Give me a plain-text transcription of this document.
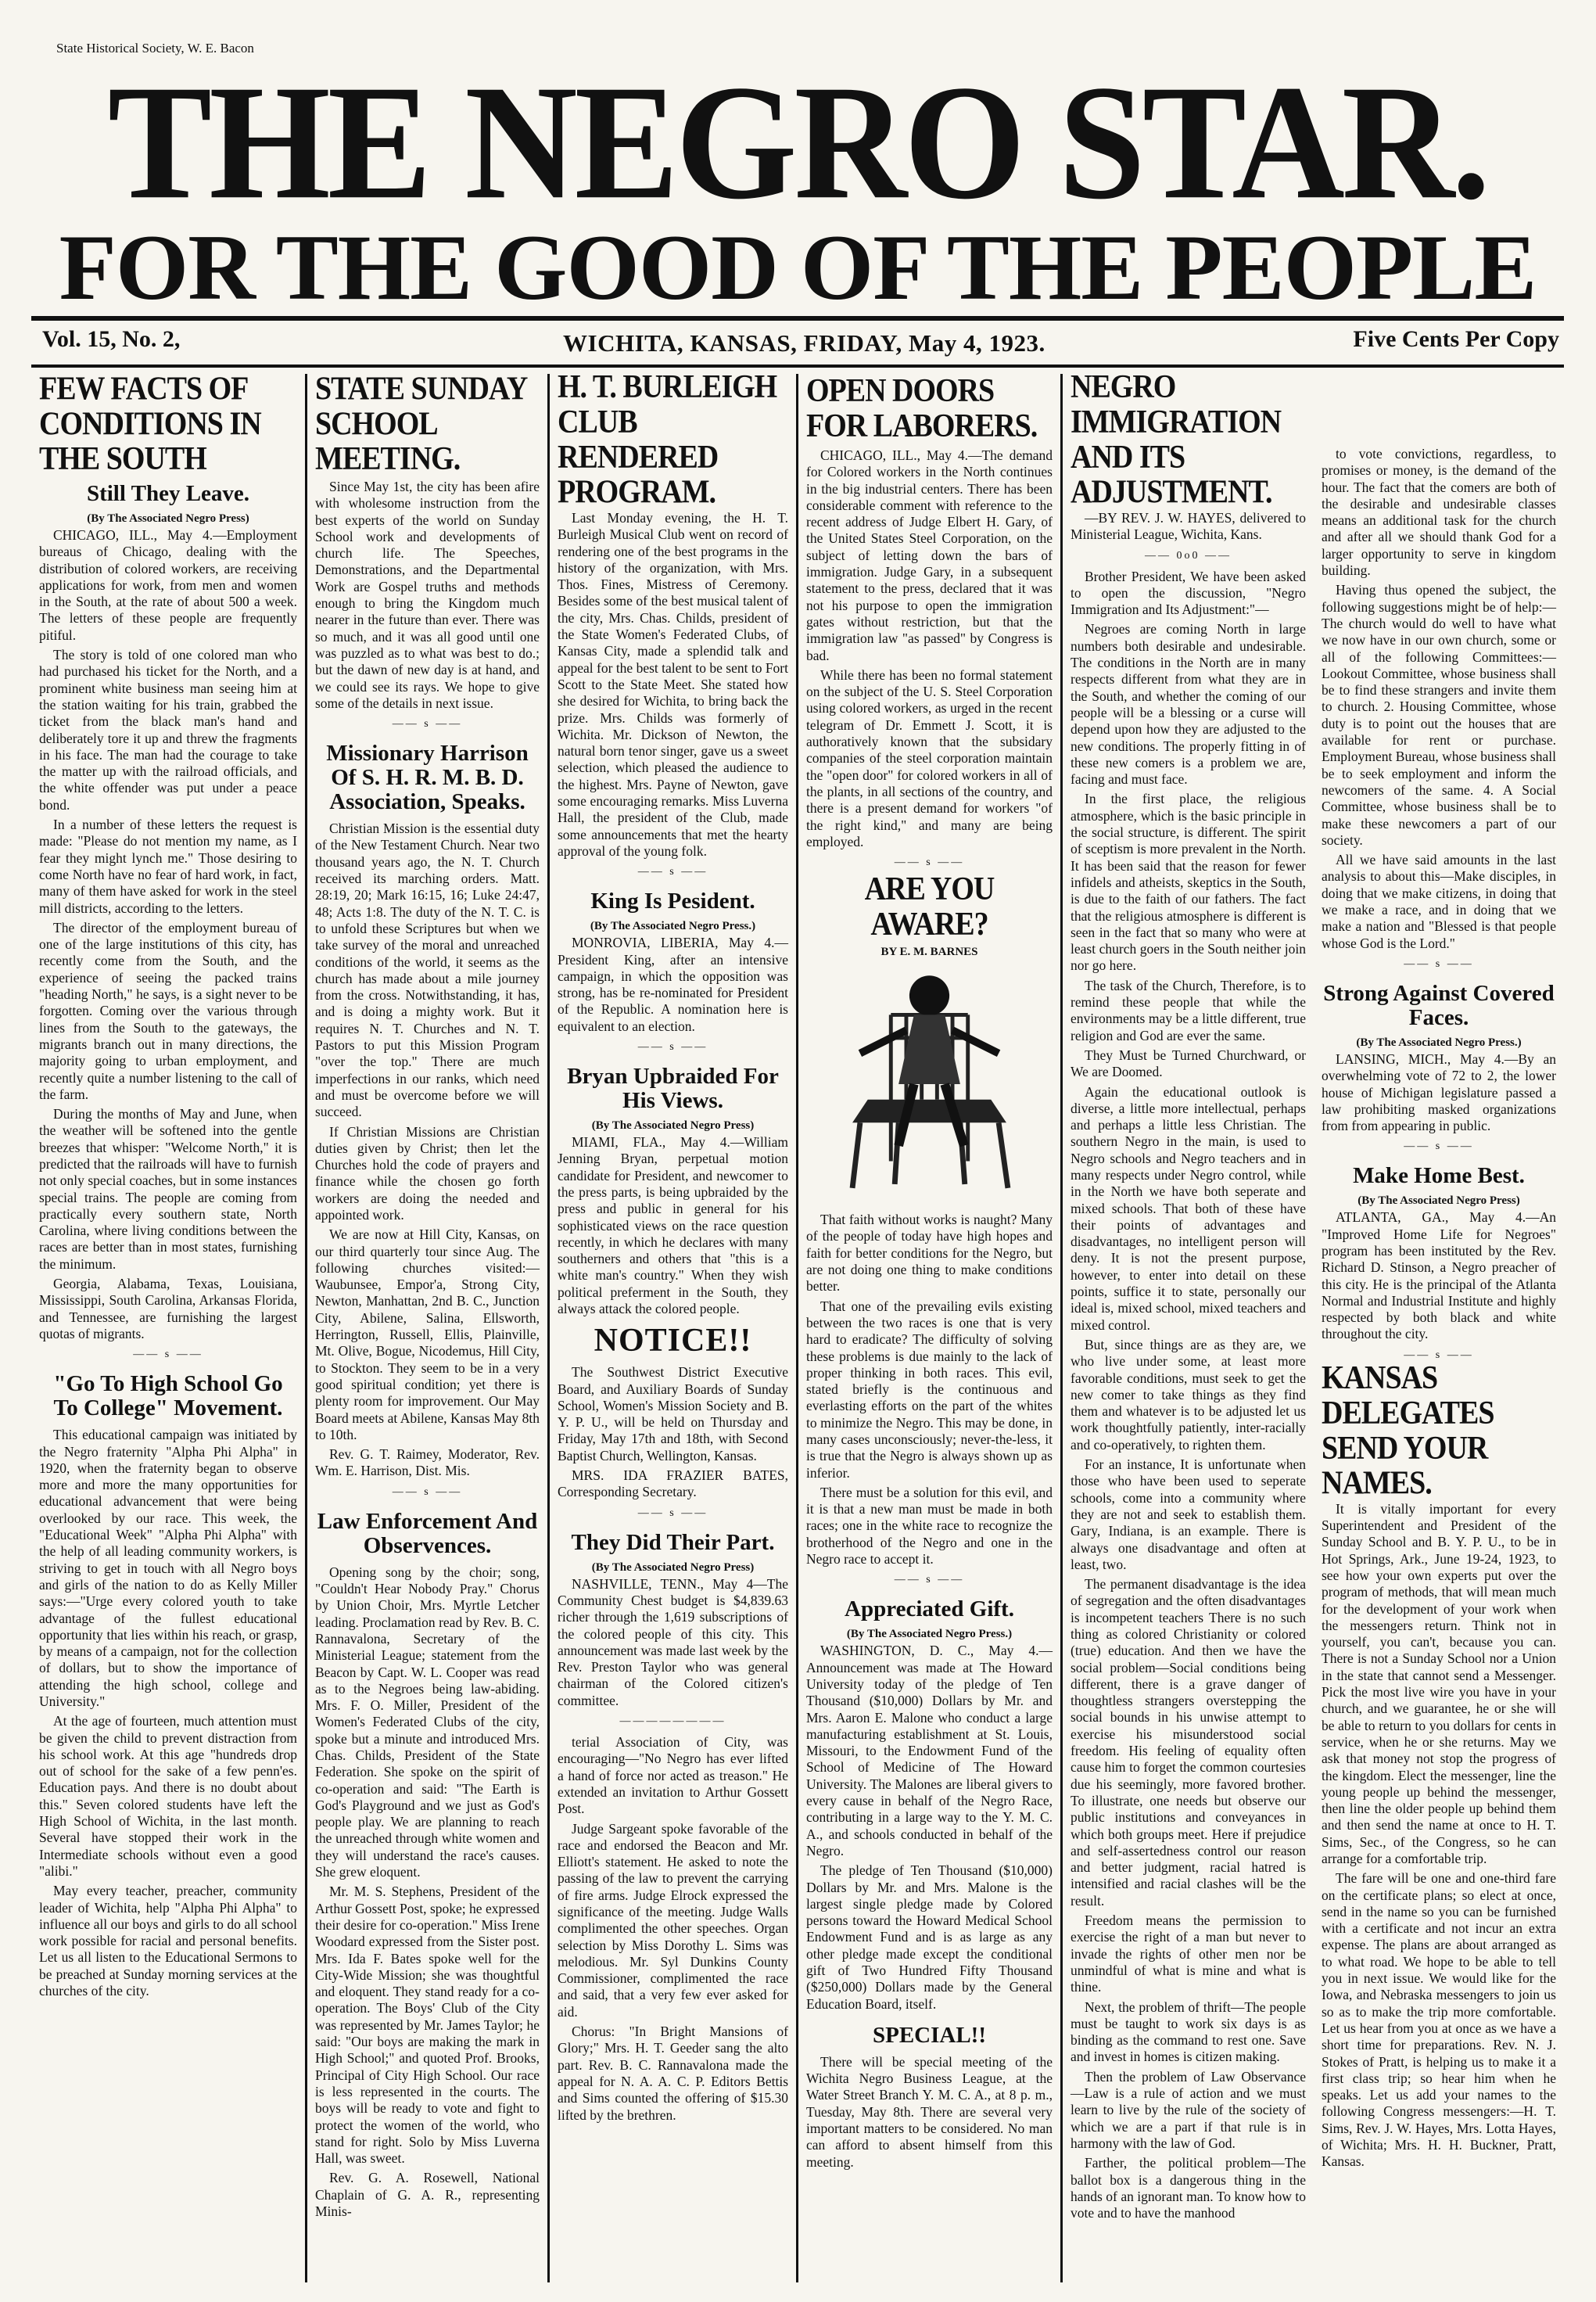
State Historical Society, W. E. Bacon
THE NEGRO STAR.
FOR THE GOOD OF THE PEOPLE
Vol. 15, No. 2,	WICHITA, KANSAS, FRIDAY, May 4, 1923.	Five Cents Per Copy
FEW FACTS OF CONDITIONS IN THE SOUTH
Still They Leave.
(By The Associated Negro Press)

CHICAGO, ILL., May 4.—Employment bureaus of Chicago, dealing with the distribution of colored workers, are receiving applications for work, from men and women in the South, at the rate of about 500 a week. The letters of these people are frequently pitiful.

The story is told of one colored man who had purchased his ticket for the North, and a prominent white business man seeing him at the station waiting for his train, grabbed the ticket from the black man's hand and deliberately tore it up and threw the fragments in his face. The man had the courage to take the matter up with the railroad officials, and the white offender was put under a peace bond.

In a number of these letters the request is made: "Please do not mention my name, as I fear they might lynch me." Those desiring to come North have no fear of hard work, in fact, many of them have asked for work in the steel mill districts, according to the letters.

The director of the employment bureau of one of the large institutions of this city, has recently come from the South, and the experience of seeing the packed trains "heading North," he says, is a sight never to be forgotten. Coming over the various through lines from the South to the gateways, the migrants branch out in many directions, the majority going to urban employment, and recently quite a number listening to the call of the farm.

During the months of May and June, when the weather will be softened into the gentle breezes that whisper: "Welcome North," it is predicted that the railroads will have to furnish not only special coaches, but in some instances special trains. The people are coming from practically every southern state, North Carolina, where living conditions between the races are better than in most states, furnishing the minimum.

Georgia, Alabama, Texas, Louisiana, Mississippi, South Carolina, Arkansas Florida, and Tennessee, are furnishing the largest quotas of migrants.

—— s ——
"Go To High School Go To College" Movement.

This educational campaign was initiated by the Negro fraternity "Alpha Phi Alpha" in 1920, when the fraternity began to observe more and more the many opportunities for educational advancement that were being overlooked by our race. This week, the "Educational Week" "Alpha Phi Alpha" with the help of all leading community workers, is striving to get in touch with all Negro boys and girls of the nation to do as Kelly Miller says:—"Urge every colored youth to take advantage of the fullest educational opportunity that lies within his reach, or grasp, by means of a campaign, not for the collection of dollars, but to show the importance of attending the high school, college and University."

At the age of fourteen, much attention must be given the child to prevent distraction from his school work. At this age "hundreds drop out of school for the sake of a few penn'es. Education pays. And there is no doubt about this." Seven colored students have left the High School of Wichita, in the last month. Several have stopped their work in the Intermediate schools without even a good "alibi."

May every teacher, preacher, community leader of Wichita, help "Alpha Phi Alpha" to influence all our boys and girls to do all school work possible for racial and personal benefits. Let us all listen to the Educational Sermons to be preached at Sunday morning services at the churches of the city.

STATE SUNDAY SCHOOL MEETING.

Since May 1st, the city has been afire with wholesome instruction from the best experts of the world on Sunday School work and developments of church life. The Speeches, Demonstrations, and the Departmental Work are Gospel truths and methods enough to bring the Kingdom much nearer in the future than ever. There was so much, and it was all good until one was puzzled as to what was best to do.; but the dawn of new day is at hand, and we could see its rays. We hope to give some of the details in next issue.

—— s ——
Missionary Harrison Of S. H. R. M. B. D. Association, Speaks.

Christian Mission is the essential duty of the New Testament Church. Near two thousand years ago, the N. T. Church received its marching orders. Matt. 28:19, 20; Mark 16:15, 16; Luke 24:47, 48; Acts 1:8. The duty of the N. T. C. is to unfold these Scriptures but when we take survey of the moral and unreached conditions of the world, it seems as the church has made about a mile journey from the cross. Notwithstanding, it has, and is doing a mighty work. But it requires N. T. Churches and N. T. Pastors to put this Mission Program "over the top." There are much imperfections in our ranks, which need and must be overcome before we will succeed.

If Christian Missions are Christian duties given by Christ; then let the Churches hold the code of prayers and finance while the chosen go forth workers are doing the needed and appointed work.

We are now at Hill City, Kansas, on our third quarterly tour since Aug. The following churches visited:—Waubunsee, Empor'a, Strong City, Newton, Manhattan, 2nd B. C., Junction City, Abilene, Salina, Ellsworth, Herrington, Russell, Ellis, Plainville, Mt. Olive, Bogue, Nicodemus, Hill City, to Stockton. They seem to be in a very good spiritual condition; yet there is plenty room for improvement. Our May Board meets at Abilene, Kansas May 8th to 10th.

Rev. G. T. Raimey, Moderator, Rev. Wm. E. Harrison, Dist. Mis.

—— s ——
Law Enforcement And Observences.

Opening song by the choir; song, "Couldn't Hear Nobody Pray." Chorus by Union Choir, Mrs. Myrtle Letcher leading. Proclamation read by Rev. B. C. Rannavalona, Secretary of the Ministerial League; statement from the Beacon by Capt. W. L. Cooper was read as to the Negroes being law-abiding. Mrs. F. O. Miller, President of the Women's Federated Clubs of the city, spoke but a minute and introduced Mrs. Chas. Childs, President of the State Federation. She spoke on the spirit of co-operation and said: "The Earth is God's Playground and we just as God's people play. We are planning to reach the unreached through white women and they will understand the race's causes. She grew eloquent.

Mr. M. S. Stephens, President of the Arthur Gossett Post, spoke; he expressed their desire for co-operation." Miss Irene Woodard expressed from the Sister post. Mrs. Ida F. Bates spoke well for the City-Wide Mission; she was thoughtful and eloquent. They stand ready for a co-operation. The Boys' Club of the City was represented by Mr. James Taylor; he said: "Our boys are making the mark in High School;" and quoted Prof. Brooks, Principal of City High School. Our race is less represented in the courts. The boys will be ready to vote and fight to protect the women of the world, who stand for right. Solo by Miss Luverna Hall, was sweet.

Rev. G. A. Rosewell, National Chaplain of G. A. R., representing Minis-

H. T. BURLEIGH CLUB RENDERED PROGRAM.

Last Monday evening, the H. T. Burleigh Musical Club went on record of rendering one of the best programs in the history of the organization, with Mrs. Thos. Fines, Mistress of Ceremony. Besides some of the best musical talent of the city, Mrs. Chas. Childs, president of the State Women's Federated Clubs, of Kansas City, made a splendid talk and appeal for the best talent to be sent to Fort Scott to the State Meet. She stated how she desired for Wichita, to bring back the prize. Mrs. Childs was formerly of Wichita. Mr. Dickson of Newton, the natural born tenor singer, gave us a sweet selection, which pleased the audience to the highest. Mrs. Payne of Newton, gave some encouraging remarks. Miss Luverna Hall, the president of the Club, made some announcements that met the hearty approval of the young folk.

—— s ——
King Is Pesident.
(By The Associated Negro Press.)

MONROVIA, LIBERIA, May 4.—President King, after an intensive campaign, in which the opposition was strong, has be re-nominated for President of the Republic. A nomination here is equivalent to an election.

—— s ——
Bryan Upbraided For His Views.
(By The Associated Negro Press)

MIAMI, FLA., May 4.—William Jenning Bryan, perpetual motion candidate for President, and newcomer to the press parts, is being upbraided by the press and public in general for his sophisticated views on the race question recently, in which he declares with many southerners and others that "this is a white man's country." When they wish political preferment in the South, they always attack the colored people.

NOTICE!!

The Southwest District Executive Board, and Auxiliary Boards of Sunday School, Women's Mission Society and B. Y. P. U., will be held on Thursday and Friday, May 17th and 18th, with Second Baptist Church, Wellington, Kansas.

MRS. IDA FRAZIER BATES, Corresponding Secretary.

—— s ——
They Did Their Part.
(By The Associated Negro Press)

NASHVILLE, TENN., May 4—The Community Chest budget is $4,839.63 richer through the 1,619 subscriptions of the colored people of this city. This announcement was made last week by the Rev. Preston Taylor who was general chairman of the Colored citizen's committee.

————————

terial Association of City, was encouraging—"No Negro has ever lifted a hand of force nor acted as treason." He extended an invitation to Arthur Gossett Post.

Judge Sargeant spoke favorable of the race and endorsed the Beacon and Mr. Elliott's statement. He asked to note the passing of the law to prevent the carrying of fire arms. Judge Elrock expressed the significance of the meeting. Judge Walls complimented the other speeches. Organ selection by Miss Dorothy L. Sims was melodious. Mr. Syl Dunkins County Commissioner, complimented the race and said, that a very few ever asked for aid.

Chorus: "In Bright Mansions of Glory;" Mrs. H. T. Geeder sang the alto part. Rev. B. C. Rannavalona made the appeal for N. A. A. C. P. Editors Bettis and Sims counted the offering of $15.30 lifted by the brethren.

OPEN DOORS FOR LABORERS.

CHICAGO, ILL., May 4.—The demand for Colored workers in the North continues in the big industrial centers. There has been considerable comment with reference to the recent address of Judge Elbert H. Gary, of the United States Steel Corporation, on the subject of letting down the bars of immigration. Judge Gary, in a subsequent statement to the press, declared that it was not his purpose to open the immigration gates without restriction, but that the immigration law "as passed" by Congress is bad.

While there has been no formal statement on the subject of the U. S. Steel Corporation using colored workers, as urged in the recent telegram of Dr. Emmett J. Scott, it is authoratively known that the subsidary companies of the steel corporation maintain the "open door" for colored workers in all of the plants, in all sections of the country, and there is a present demand for workers "of the right kind," and many are being employed.

—— s ——
ARE YOU AWARE?
BY E. M. BARNES

That faith without works is naught? Many of the people of today have high hopes and faith for better conditions for the Negro, but are not doing one thing to make conditions better.

That one of the prevailing evils existing between the two races is one that is very hard to eradicate? The difficulty of solving these problems is due mainly to the lack of proper thinking in both races. This evil, stated briefly is the continuous and everlasting efforts on the part of the whites to minimize the Negro. This may be done, in many cases unconsciously; never-the-less, it is true that the Negro is always shown up as inferior.

There must be a solution for this evil, and it is that a new man must be made in both races; one in the white race to recognize the brotherhood of the Negro and one in the Negro race to accept it.

—— s ——
Appreciated Gift.
(By The Associated Negro Press.)

WASHINGTON, D. C., May 4.—Announcement was made at The Howard University today of the pledge of Ten Thousand ($10,000) Dollars by Mr. and Mrs. Aaron E. Malone who conduct a large manufacturing establishment at St. Louis, Missouri, to the Endowment Fund of the School of Medicine of The Howard University. The Malones are liberal givers to every cause in behalf of the Negro Race, contributing in a large way to the Y. M. C. A., and schools conducted in behalf of the Negro.

The pledge of Ten Thousand ($10,000) Dollars by Mr. and Mrs. Malone is the largest single pledge made by Colored persons toward the Howard Medical School Endowment Fund and is as large as any other pledge made except the conditional gift of Two Hundred Fifty Thousand ($250,000) Dollars made by the General Education Board, itself.

SPECIAL!!

There will be special meeting of the Wichita Negro Business League, at the Water Street Branch Y. M. C. A., at 8 p. m., Tuesday, May 8th. There are several very important matters to be considered. No man can afford to absent himself from this meeting.

NEGRO IMMIGRATION AND ITS ADJUSTMENT.

—BY REV. J. W. HAYES, delivered to Ministerial League, Wichita, Kans.

—— 0o0 ——

Brother President, We have been asked to open the discussion, "Negro Immigration and Its Adjustment:"—

Negroes are coming North in large numbers both desirable and undesirable. The conditions in the North are in many respects different from what they are in the South, and whether the coming of our people will be a blessing or a curse will depend upon how they are adjusted to the new conditions. The properly fitting in of these new comers is a problem we are, facing and must face.

In the first place, the religious atmosphere, which is the basic principle in the social structure, is different. The spirit of sceptism is more prevalent in the North. It has been said that the reason for fewer infidels and atheists, skeptics in the South, is due to the faith of our fathers. The fact that the religious atmosphere is different is seen in the fact that so many who were at least church goers in the South neither join nor go here.

The task of the Church, Therefore, is to remind these people that while the environments may be a little different, true religion and God are ever the same.

They Must be Turned Churchward, or We are Doomed.

Again the educational outlook is diverse, a little more intellectual, perhaps and perhaps a little less Christian. The southern Negro in the main, is used to Negro schools and Negro teachers and in many respects under Negro control, while in the North we have both seperate and mixed schools. That both of these have their points of advantages and disadvantages, no intelligent person will deny. It is not the present purpose, however, to enter into detail on these points, suffice it to state, personally our ideal is, mixed school, mixed teachers and mixed control.

But, since things are as they are, we who live under some, at least more favorable conditions, must seek to get the new comer to take things as they find them and whatever is to be adjusted let us work thoughtfully patiently, inter-racially and co-operatively, to righten them.

For an instance, It is unfortunate when those who have been used to seperate schools, come into a community where they are not and seek to establish them. Gary, Indiana, is an example. There is always one disadvantage and often at least, two.

The permanent disadvantage is the idea of segregation and the often disadvantages is incompetent teachers There is no such thing as colored Christianity or colored (true) education. And then we have the social problem—Social conditions being different, there is a grave danger of thoughtless strangers overstepping the social bounds in his unwise attempt to exercise his misunderstood social freedom. His feeling of equality often cause him to forget the common courtesies due his seemingly, more favored brother. To illustrate, one needs but observe our public institutions and conveyances in which both groups meet. Here if prejudice and self-assertedness control our reason and better judgment, racial hatred is intensified and racial clashes will be the result.

Freedom means the permission to exercise the right of a man but never to invade the rights of other men nor be unmindful of what is mine and what is thine.

Next, the problem of thrift—The people must be taught to work six days is as binding as the command to rest one. Save and invest in homes is citizen making.

Then the problem of Law Observance—Law is a rule of action and we must learn to live by the rule of the society of which we are a part if that rule is in harmony with the law of God.

Farther, the political problem—The ballot box is a dangerous thing in the hands of an ignorant man. To know how to vote and to have the manhood

to vote convictions, regardless, to promises or money, is the demand of the hour. The fact that the comers are both of the desirable and undesirable classes means an additional task for the church and after all we should thank God for a larger opportunity to serve in kingdom building.

Having thus opened the subject, the following suggestions might be of help:—The church would do well to have what we now have in our own church, some or all of the following Committees:— Lookout Committee, whose business shall be to find these strangers and invite them to church. 2. Housing Committee, whose duty is to point out the houses that are available for rent or purchase. Employment Bureau, whose business shall be to seek employment and inform the newcomers of the same. 4. A Social Committee, whose business shall be to make these newcomers a part of our society.

All we have said amounts in the last analysis to about this—Make disciples, in doing that we make citizens, in doing that we make a race, and in doing that we make a nation and "Blessed is that people whose God is the Lord."

—— s ——
Strong Against Covered Faces.
(By The Associated Negro Press.)

LANSING, MICH., May 4.—By an overwhelming vote of 72 to 2, the lower house of Michigan legislature passed a law prohibiting masked organizations from from appearing in public.

—— s ——
Make Home Best.
(By The Associated Negro Press)

ATLANTA, GA., May 4.—An "Improved Home Life for Negroes" program has been instituted by the Rev. Richard D. Stinson, a Negro preacher of this city. He is the principal of the Atlanta Normal and Industrial Institute and highly respected by both black and white throughout the city.

—— s ——
KANSAS DELEGATES SEND YOUR NAMES.

It is vitally important for every Superintendent and President of the Sunday School and B. Y. P. U., to be in Hot Springs, Ark., June 19-24, 1923, to see how your own experts put over the program of methods, that will mean much for the development of your work when the messengers return. Think not in yourself, you can't, because you can. There is not a Sunday School nor a Union in the state that cannot send a Messenger. Pick the most live wire you have in your church, and we guarantee, he or she will be able to return to you dollars for cents in service, when he or she returns. May we ask that money not stop the progress of the kingdom. Elect the messenger, line the young people up behind the messenger, then line the older people up behind them and then send the name at once to H. T. Sims, Sec., of the Congress, so he can arrange for a comfortable trip.

The fare will be one and one-third fare on the certificate plans; so elect at once, send in the name so you can be furnished with a certificate and not incur an extra expense. The plans are about arranged as to what road. We hope to be able to tell you in next issue. We would like for the Iowa, and Nebraska messengers to join us so as to make the trip more comfortable. Let us hear from you at once as we have a short time for preparations. Rev. N. J. Stokes of Pratt, is helping us to make it a first class trip; so hear him when he speaks. Let us add your names to the following Congress messengers:—H. T. Sims, Rev. J. W. Hayes, Mrs. Lotta Hayes, of Wichita; Mrs. H. H. Buckner, Pratt, Kansas.
